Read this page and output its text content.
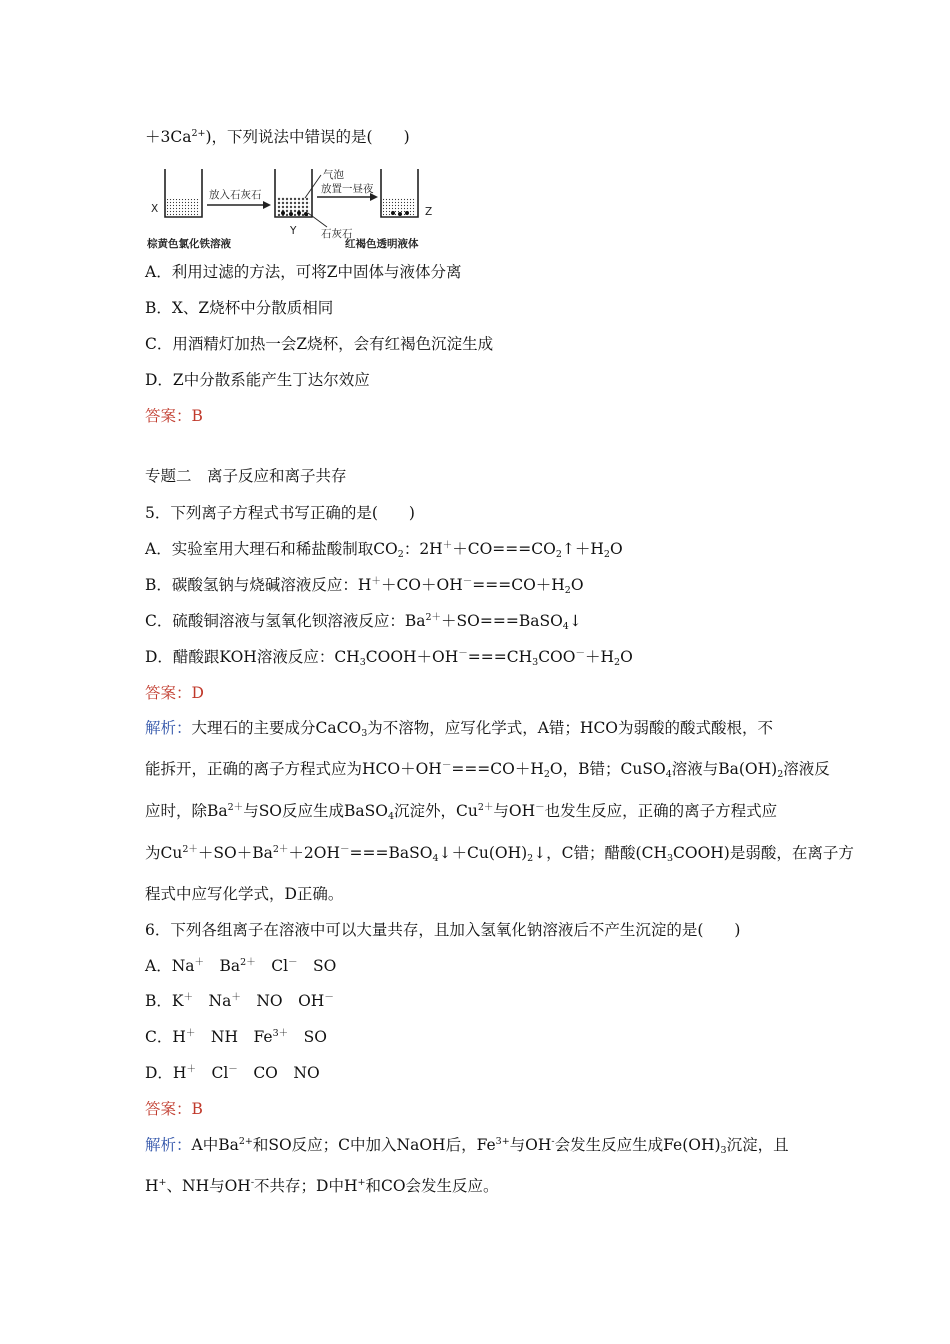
$+3Ca^{2+}$)，下列说法中错误的是(　　)
X
放入石灰石
Y
气泡
石灰石
放置一昼夜
Z
棕黄色氯化铁溶液	红褐色透明液体
A．利用过滤的方法，可将Z中固体与液体分离
B．X、Z烧杯中分散质相同
C．用酒精灯加热一会Z烧杯，会有红褐色沉淀生成
D．Z中分散系能产生丁达尔效应
答案：B
专题二　离子反应和离子共存
5．下列离子方程式书写正确的是(　　)
A．实验室用大理石和稀盐酸制取$CO_2$：$2H^++CO===CO_2↑+H_2O$
B．碳酸氢钠与烧碱溶液反应：$H^++CO+OH^-===CO+H_2O$
C．硫酸铜溶液与氢氧化钡溶液反应：$Ba^{2+}+SO===BaSO_4↓$
D．醋酸跟KOH溶液反应：$CH_3COOH+OH^-===CH_3COO^-+H_2O$
答案：D
解析：大理石的主要成分CaCO$_3$为不溶物，应写化学式，A错；HCO为弱酸的酸式酸根，不
能拆开，正确的离子方程式应为$HCO+OH^-===CO+H_2O$，B错；CuSO$_4$溶液与$Ba(OH)_2$溶液反
应时，除$Ba^{2+}$与SO反应生成BaSO$_4$沉淀外，$Cu^{2+}$与OH－也发生反应，正确的离子方程式应
为$Cu^{2+}+SO+Ba^{2+}+2OH^-===BaSO_4↓+Cu(OH)_2↓$，C错；醋酸$(CH_3COOH)$是弱酸，在离子方
程式中应写化学式，D正确。
6．下列各组离子在溶液中可以大量共存，且加入氢氧化钠溶液后不产生沉淀的是(　　)
A．Na＋　$Ba^{2+}$　Cl－　SO
B．K＋　Na＋　NO　OH－
C．H＋　NH　$Fe^{3+}$　SO
D．H＋　Cl－　CO　NO
答案：B
解析：A中$Ba^{2+}$和SO反应；C中加入NaOH后，$Fe^{3+}$与OH-会发生反应生成$Fe(OH)_3$沉淀，且
H+、NH与OH-不共存；D中H+和CO会发生反应。
